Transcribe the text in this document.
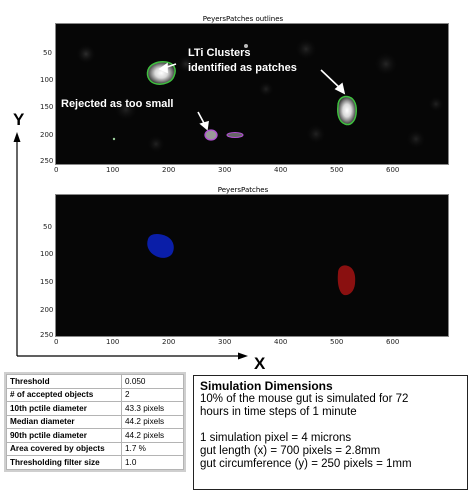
PeyersPatches outlines
LTi Clusters
identified as patches
Rejected as too small
50
100
150
200
250
0	100	200	300	400	500	600
PeyersPatches
50
100
150
200
250
0	100	200	300	400	500	600
Y
X
Threshold	0.050
# of accepted objects	2
10th pctile diameter	43.3 pixels
Median diameter	44.2 pixels
90th pctile diameter	44.2 pixels
Area covered by objects	1.7 %
Thresholding filter size	1.0
Simulation Dimensions
10% of the mouse gut is simulated for 72
hours in time steps of 1 minute
1 simulation pixel = 4 microns
gut length (x) = 700 pixels = 2.8mm
gut circumference (y) = 250 pixels = 1mm
